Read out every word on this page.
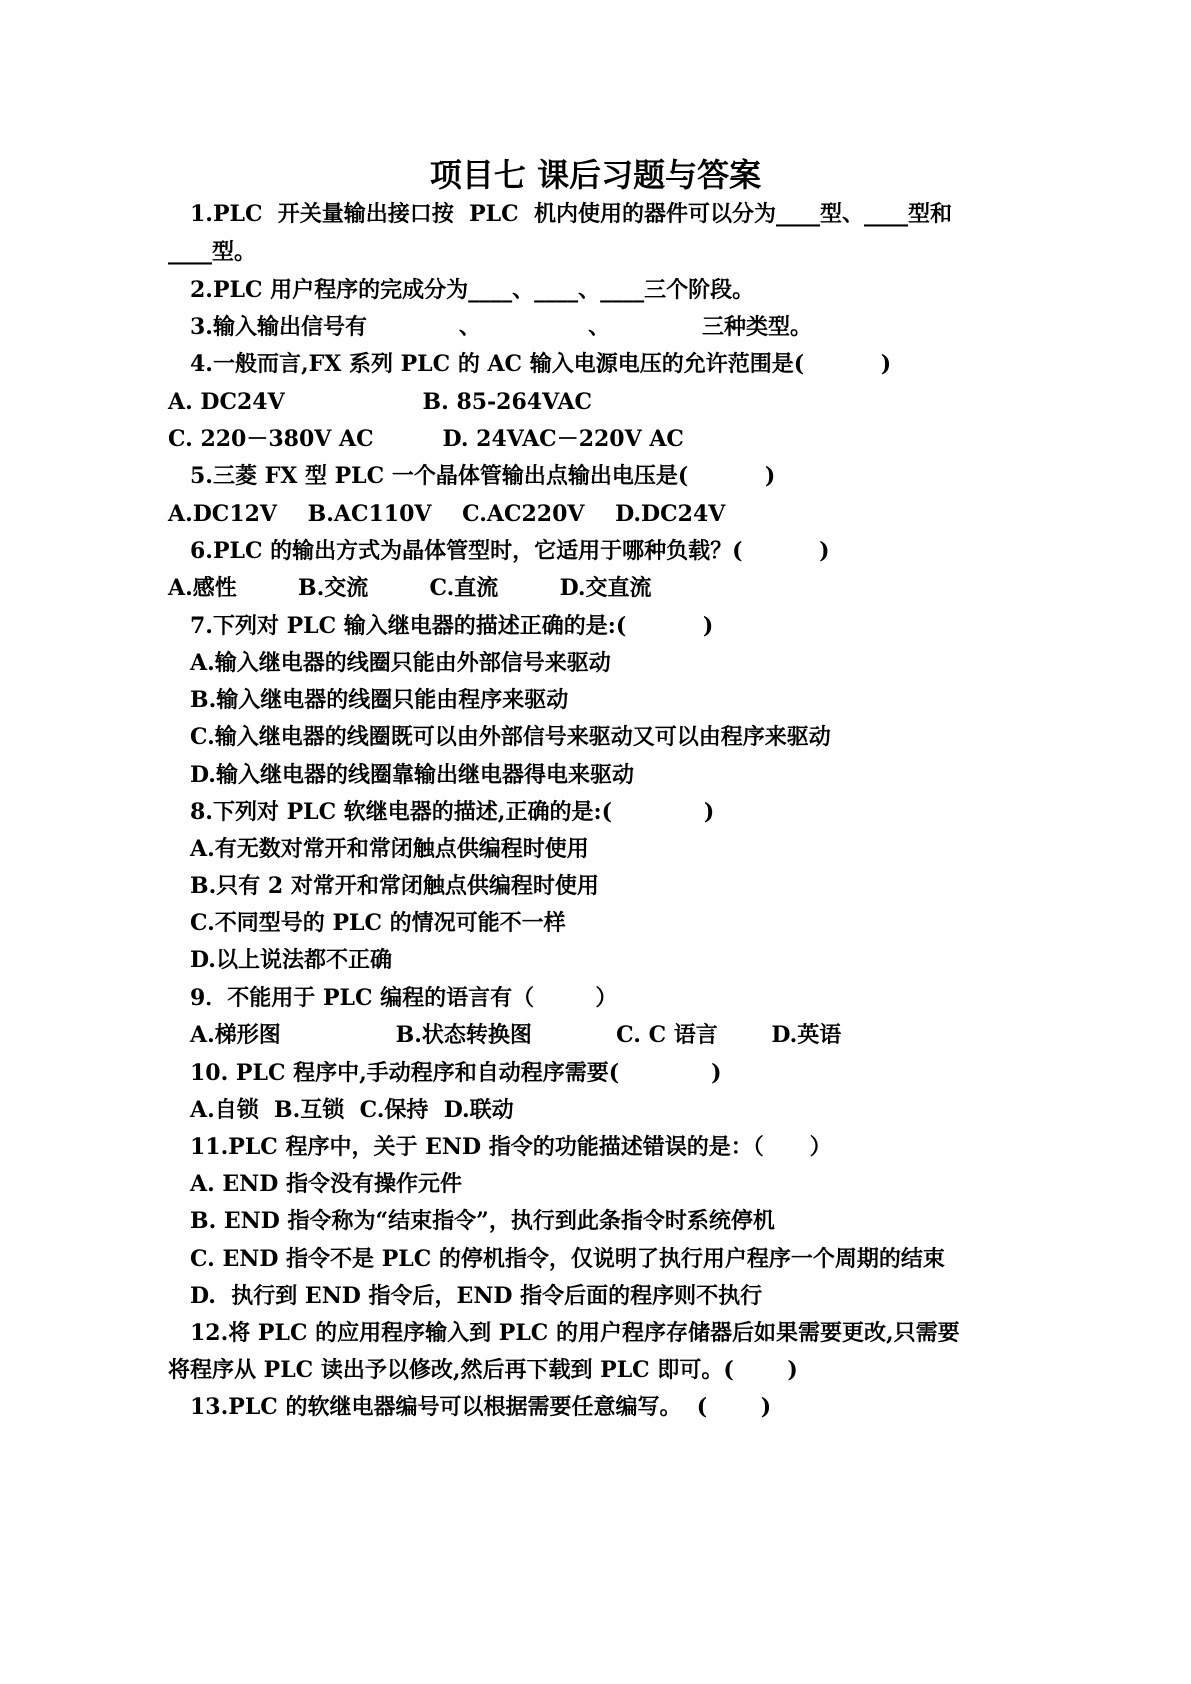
项目七 课后习题与答案

1.PLC  开关量输出接口按  PLC  机内使用的器件可以分为____型、____型和

____型。

2.PLC 用户程序的完成分为____、____、____三个阶段。

3.输入输出信号有            、              、            三种类型。

4.一般而言,FX 系列 PLC 的 AC 输入电源电压的允许范围是(          )

A. DC24V                  B. 85-264VAC

C. 220－380V AC         D. 24VAC－220V AC

5.三菱 FX 型 PLC 一个晶体管输出点输出电压是(          )

A.DC12V    B.AC110V    C.AC220V    D.DC24V

6.PLC 的输出方式为晶体管型时，它适用于哪种负载？(          )

A.感性        B.交流        C.直流        D.交直流

7.下列对 PLC 输入继电器的描述正确的是:(          )

A.输入继电器的线圈只能由外部信号来驱动

B.输入继电器的线圈只能由程序来驱动

C.输入继电器的线圈既可以由外部信号来驱动又可以由程序来驱动

D.输入继电器的线圈靠输出继电器得电来驱动

8.下列对 PLC 软继电器的描述,正确的是:(            )

A.有无数对常开和常闭触点供编程时使用

B.只有 2 对常开和常闭触点供编程时使用

C.不同型号的 PLC 的情况可能不一样

D.以上说法都不正确

9．不能用于 PLC 编程的语言有（        ）

A.梯形图               B.状态转换图           C. C 语言       D.英语

10. PLC 程序中,手动程序和自动程序需要(            )

A.自锁  B.互锁  C.保持  D.联动

11.PLC 程序中，关于 END 指令的功能描述错误的是：（      ）

A. END 指令没有操作元件

B. END 指令称为“结束指令”，执行到此条指令时系统停机

C. END 指令不是 PLC 的停机指令，仅说明了执行用户程序一个周期的结束

D.  执行到 END 指令后，END 指令后面的程序则不执行

12.将 PLC 的应用程序输入到 PLC 的用户程序存储器后如果需要更改,只需要

将程序从 PLC 读出予以修改,然后再下载到 PLC 即可。(       )

13.PLC 的软继电器编号可以根据需要任意编写。  (       )
